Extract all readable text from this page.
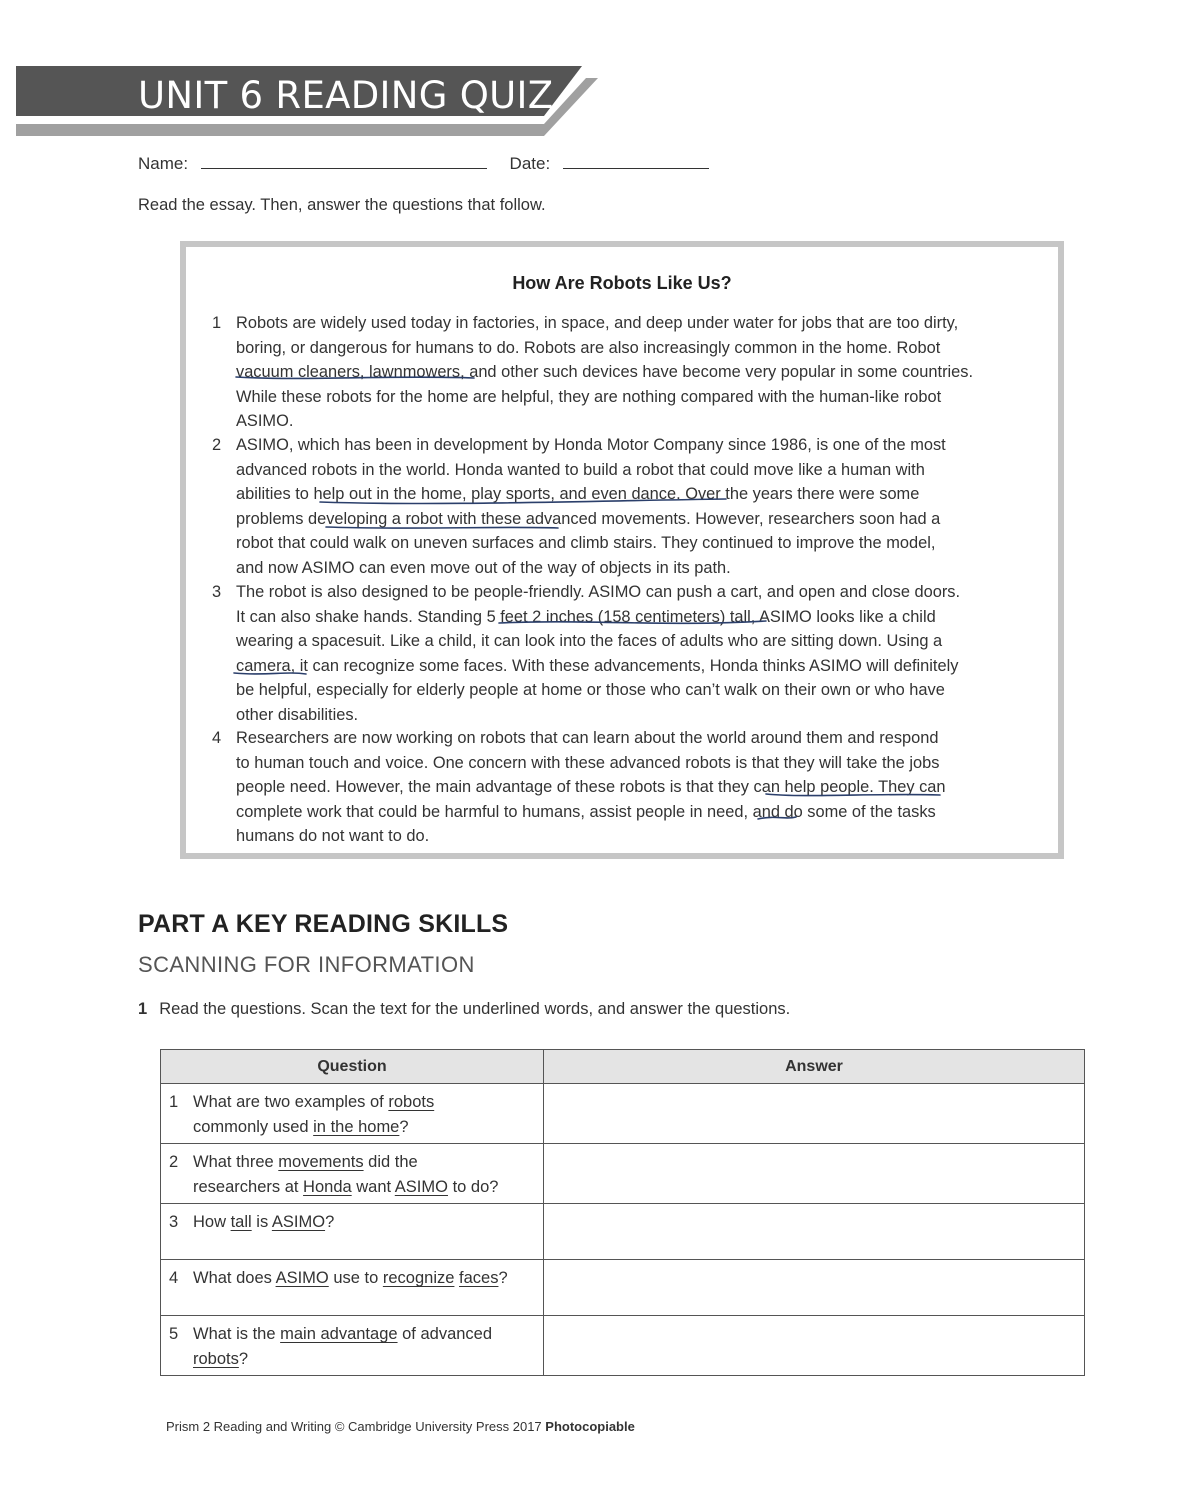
UNIT 6 READING QUIZ
Name:	Date:
Read the essay. Then, answer the questions that follow.
How Are Robots Like Us?
1 Robots are widely used today in factories, in space, and deep under water for jobs that are too dirty,
boring, or dangerous for humans to do. Robots are also increasingly common in the home. Robot
vacuum cleaners, lawnmowers, and other such devices have become very popular in some countries.
While these robots for the home are helpful, they are nothing compared with the human-like robot
ASIMO.
2 ASIMO, which has been in development by Honda Motor Company since 1986, is one of the most
advanced robots in the world. Honda wanted to build a robot that could move like a human with
abilities to help out in the home, play sports, and even dance. Over the years there were some
problems developing a robot with these advanced movements. However, researchers soon had a
robot that could walk on uneven surfaces and climb stairs. They continued to improve the model,
and now ASIMO can even move out of the way of objects in its path.
3 The robot is also designed to be people-friendly. ASIMO can push a cart, and open and close doors.
It can also shake hands. Standing 5 feet 2 inches (158 centimeters) tall, ASIMO looks like a child
wearing a spacesuit. Like a child, it can look into the faces of adults who are sitting down. Using a
camera, it can recognize some faces. With these advancements, Honda thinks ASIMO will definitely
be helpful, especially for elderly people at home or those who can’t walk on their own or who have
other disabilities.
4 Researchers are now working on robots that can learn about the world around them and respond
to human touch and voice. One concern with these advanced robots is that they will take the jobs
people need. However, the main advantage of these robots is that they can help people. They can
complete work that could be harmful to humans, assist people in need, and do some of the tasks
humans do not want to do.
PART A KEY READING SKILLS
SCANNING FOR INFORMATION
1 Read the questions. Scan the text for the underlined words, and answer the questions.
Question	Answer

1 What are two examples of robots
commonly used in the home?	

2 What three movements did the
researchers at Honda want ASIMO to do?	

3 How tall is ASIMO?	

4 What does ASIMO use to recognize faces?	

5 What is the main advantage of advanced
robots?	

Prism 2 Reading and Writing © Cambridge University Press 2017 Photocopiable
